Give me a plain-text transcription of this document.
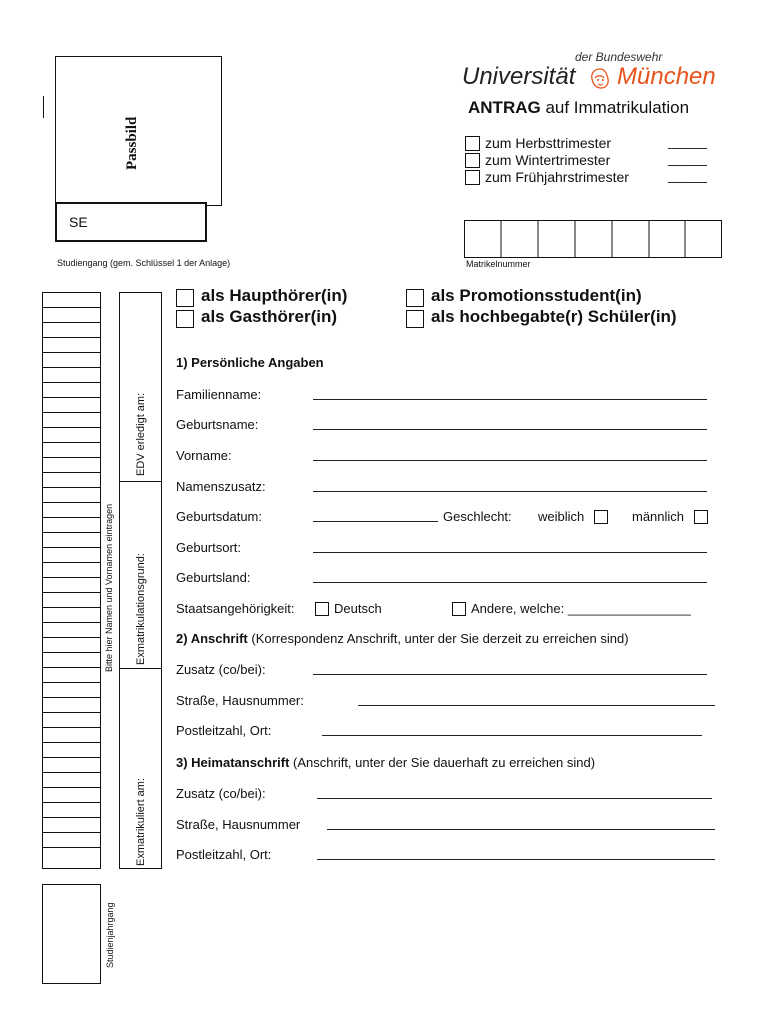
Passbild
der Bundeswehr
Universität München
ANTRAG auf Immatrikulation
zum Herbsttrimester	_____
zum Wintertrimester	_____
zum Frühjahrstrimester	_____
SE
Studiengang (gem. Schlüssel 1 der Anlage)	Matrikelnummer
Bitte hier Namen und Vornamen eintragen
EDV erledigt am:
Exmatrikulationsgrund:
Exmatrikuliert am:
Studienjahrgang
als Haupthörer(in)
als Gasthörer(in)
als Promotionsstudent(in)
als hochbegabte(r) Schüler(in)
1) Persönliche Angaben
Familienname:
Geburtsname:
Vorname:
Namenszusatz:
Geburtsdatum:	Geschlecht: weiblich	männlich
Geburtsort:
Geburtsland:
Staatsangehörigkeit:	Deutsch	Andere, welche: _________________
2) Anschrift (Korrespondenz Anschrift, unter der Sie derzeit zu erreichen sind)
Zusatz (co/bei):
Straße, Hausnummer:
Postleitzahl, Ort:
3) Heimatanschrift (Anschrift, unter der Sie dauerhaft zu erreichen sind)
Zusatz (co/bei):
Straße, Hausnummer
Postleitzahl, Ort:
